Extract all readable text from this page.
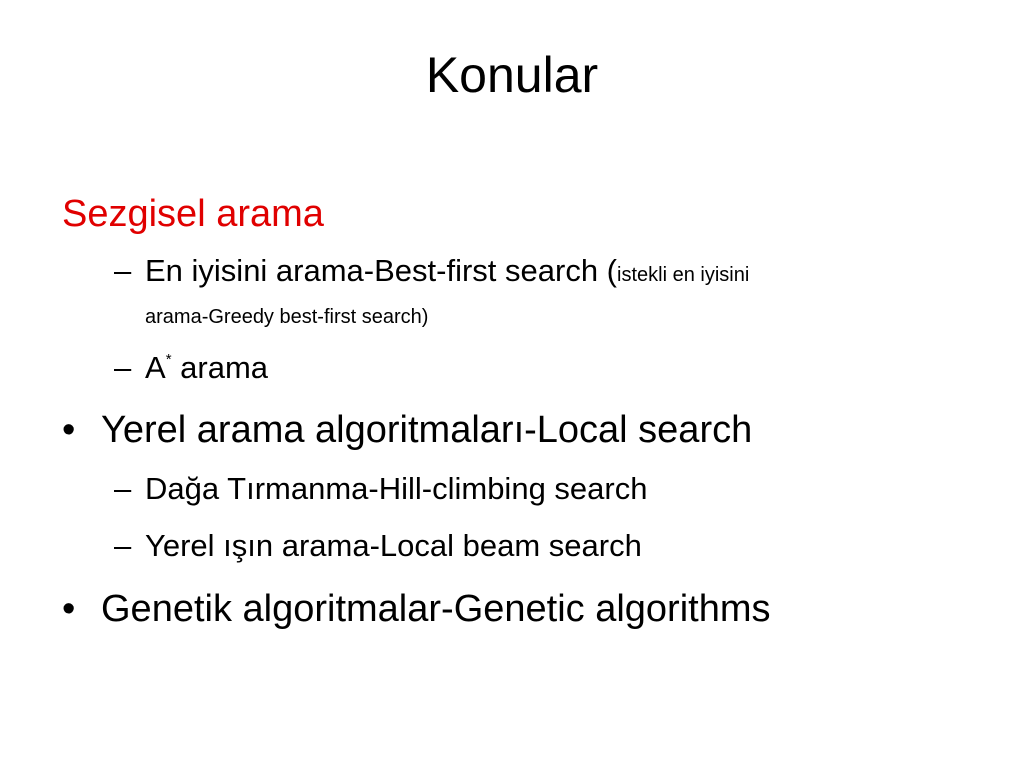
Konular
Sezgisel arama
– En iyisini arama-Best-first search (istekli en iyisini
arama-Greedy best-first search)
– A* arama
• Yerel arama algoritmaları-Local search
– Dağa Tırmanma-Hill-climbing search
– Yerel ışın arama-Local beam search
• Genetik algoritmalar-Genetic algorithms
